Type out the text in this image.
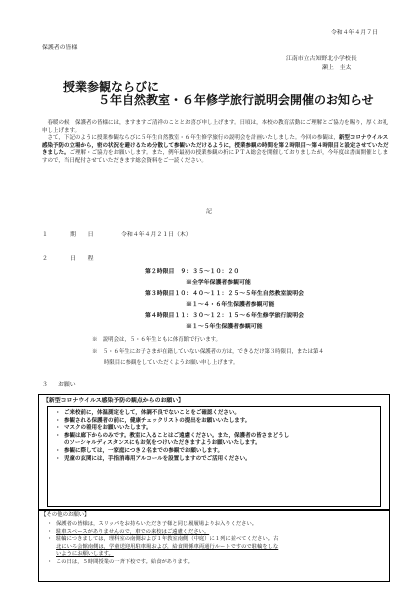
令和４年４月７日
保護者の皆様
江南市立古知野北小学校長
瀬上　圭太
授業参観ならびに
５年自然教室・６年修学旅行説明会開催のお知らせ

春暖の候　保護者の皆様には，ますますご清祥のこととお喜び申し上げます。日頃は，本校の教育活動にご理解とご協力を賜り，厚くお礼申し上げます。

さて，下記のように授業参観ならびに５年生自然教室・６年生修学旅行の説明会を計画いたしました。今回の参観は，新型コロナウイルス感染予防の立場から，密の状況を避けるため分散して参観いただけるように，授業参観の時間を第２時限目～第４時限目と設定させていただきました。ご理解・ご協力をお願いします。また，例年最初の授業参観の折にＰＴＡ総会を開催しておりましたが，今年度は書面開催としますので，当日配付させていただきます総会資料をご一読ください。

記
１	期　　日	令和４年４月２１日（木）
２	日　　程
第２時限目　９：３５～１０：２０
※全学年保護者参観可能
第３時限目１０：４０～１１：２５～５年生自然教室説明会
※１～４・６年生保護者参観可能
第４時限目１１：３０～１２：１５～６年生修学旅行説明会
※１～５年生保護者参観可能
※　説明会は，５・６年生ともに体育館で行います。
※　５・６年生にお子さまが在籍していない保護者の方は，できるだけ第３時限目，または第４
時限目に参観をしていただくようお願い申し上げます。
３ お願い
【新型コロナウイルス感染予防の観点からのお願い】
・ ご来校前に，体温測定をして，体調不良でないことをご確認ください。
・ 参観される保護者の前に，健康チェックリストの提出をお願いいたします。
・ マスクの着用をお願いいたします。
・ 参観は廊下からのみです。教室に入ることはご遠慮ください。また，保護者の皆さまどうし
のソーシャルディスタンスにもお気をつけいただきますようお願いいたします。
・ 参観に際しては，一家庭につき２名までの参観でお願いします。
・ 児童の玄関には，手指消毒用アルコールを設置しますのでご活用ください。
【その他のお願い】
・ 保護者の皆様は，スリッパをお持ちいただき子様と同じ履履場よりお入りください。
・ 駐車スペースがありませんので，車での来校はご遠慮ください。
・ 駐輪につきましては，理科室の南側および１年教室南側（中庭）に１列に並べてください。古
北にいろ会館南側は，学童送迎用駐車場および，給食関係車両通行ルートですので駐輪をしな
いようにお願いします。
・ この日は，５時間授業の一斉下校です。給食があります。
